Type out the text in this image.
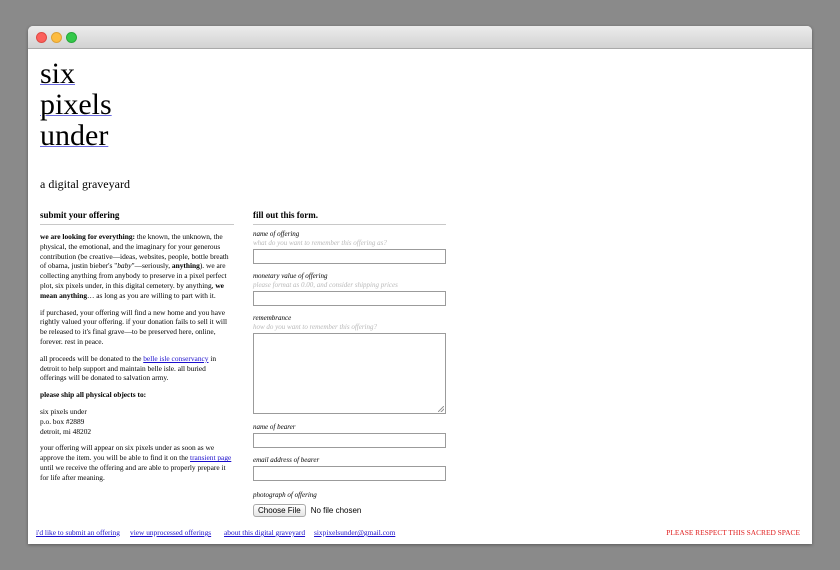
six
pixels
under

a digital graveyard

submit your offering

we are looking for everything: the known, the unknown, the physical, the emotional, and the imaginary for your generous contribution (be creative—ideas, websites, people, bottle breath of obama, justin bieber's "baby"—seriously, anything). we are collecting anything from anybody to preserve in a pixel perfect plot, six pixels under, in this digital cemetery. by anything, we mean anything… as long as you are willing to part with it.

if purchased, your offering will find a new home and you have rightly valued your offering. if your donation fails to sell it will be released to it's final grave—to be preserved here, online, forever. rest in peace.

all proceeds will be donated to the belle isle conservancy in detroit to help support and maintain belle isle. all buried offerings will be donated to salvation army.

please ship all physical objects to:

six pixels under
p.o. box #2889
detroit, mi 48202

your offering will appear on six pixels under as soon as we approve the item. you will be able to find it on the transient page until we receive the offering and are able to properly prepare it for life after meaning.

fill out this form.
name of offering
what do you want to remember this offering as?
monetary value of offering
please format as 0.00, and consider shipping prices
remembrance
how do you want to remember this offering?
name of bearer
email address of bearer
photograph of offering
Choose File	No file chosen
i'd like to submit an offering view unprocessed offerings about this digital graveyard sixpixelsunder@gmail.com	PLEASE RESPECT THIS SACRED SPACE
